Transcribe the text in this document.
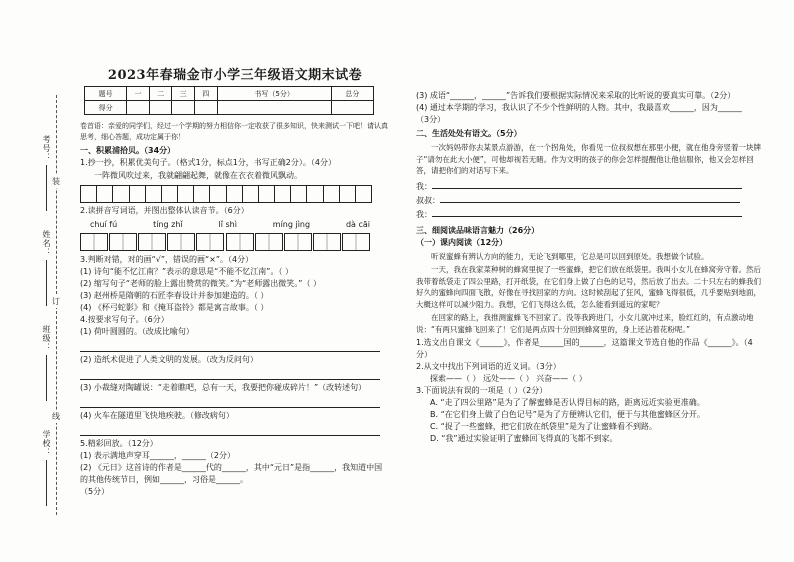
考号：
姓名：
班级：
学校：
装
订
线
2023年春瑞金市小学三年级语文期末试卷
题号	一	二	三	四	书写（5分）	总分
得分						
卷首语：亲爱的同学们，经过一个学期的努力相信你一定收获了很多知识，快来测试一下吧！请认真思考，细心答题，成功定属于你！
一、积累浦拾贝。（34分）
1.抄一抄，积累优美句子。（格式1分，标点1分，书写正确2分）。（4分）
一阵微风吹过来，我就翩翩起舞，就像在衣衣着微风飘动。
2.读拼音写词语，并图出整体认读音节。（6分）
chuí fú	tíng zhǐ	lǐ shì	míng jìng	dà cāi
3.判断对错，对的画“√”，错误的画“×”。（4分）
(1) 诗句“能不忆江南？”表示的意思是“不能不忆江南”。（ ）
(2) 缩写句子“老师的脸上露出赞赏的微笑。”为“老师露出微笑。”（ ）
(3) 赵州桥是隋朝的石匠李春设计并参加建造的。（ ）
(4) 《杯弓蛇影》和《掩耳盗铃》都是寓言故事。（ ）
4.按要求写句子。（6分）
(1) 荷叶圆圆的。（改成比喻句）
(2) 造纸术促进了人类文明的发展。（改为反问句）
(3) 小裁缝对陶罐说：“走着瞧吧，总有一天，我要把你碰成碎片！”（改转述句）
(4) 火车在隧道里飞快地疾驶。（修改病句）
5.精彩回放。（12分）
(1) 表示满地声穿耳______，______（2分）
(2) 《元日》这首诗的作者是______代的______，其中“元日”是指______，我知道中国的其他传统节日，例如______，习俗是______。
（5分）
(3) 成语“______，______”告诉我们要根据实际情况来采取的比听说的要真实可靠。（2分）
(4) 通过本学期的学习，我认识了不少个性鲜明的人物。其中，我最喜欢______，因为______
（3分）
二、生活处处有语文。（5分）
一次妈妈带你去某景点游游，在一个拐角处，你看见一位叔叔想在那里小便，就在他身旁竖着一块牌子“请勿在此大小便”，可他却视若无睹。作为文明的孩子的你会怎样提醒他让他信服你，他又会怎样回答，请把你们的对话写下来。
我：
叔叔：
我：
三、细阅读品味语言魅力（26分）
（一）课内阅读（12分）
听说蜜蜂有辨认方向的能力，无论飞到哪里，它总是可以回到原处。我想做个试验。
一天，我在我家菜种树的蜂窝里捉了一些蜜蜂，把它们放在纸袋里。我叫小女儿在蜂窝旁守着。然后我带着纸袋走了四公里路，打开纸袋，在它们身上做了白色的记号，然后放了出去。二十只左右的蜂我们好久的蜜蜂向四面飞散，好像在寻找回家的方向。这时候刮起了狂风，蜜蜂飞得很低，几乎要贴到地面，大概这样可以减少阻力。我想，它们飞得这么低，怎么能看到遥远的家呢？
在回家的路上，我推测蜜蜂飞不回家了。没等我跨进门，小女儿就冲过来，脸红红的，有点激动地说：“有两只蜜蜂飞回来了！它们是两点四十分回到蜂窝里的，身上还沾着花粉呢。”
1.选文出自课文《______》，作者是______国的______，这篇课文节选自他的作品《______》。（4分）
2.从文中找出下列词语的近义词。（3分）
探索——（ ） 远处——（ ） 兴奋——（ ）
3.下面说法有误的一项是（ ）（2分）
A. “走了四公里路”是为了了解蜜蜂是否认得目标的路，距离远近实验更准确。
B. “在它们身上做了白色记号”是为了方便辨认它们，便于与其他蜜蜂区分开。
C. “捉了一些蜜蜂，把它们放在纸袋里”是为了让蜜蜂看不到路。
D. “我”通过实验证明了蜜蜂回飞得真的飞都不到家。
